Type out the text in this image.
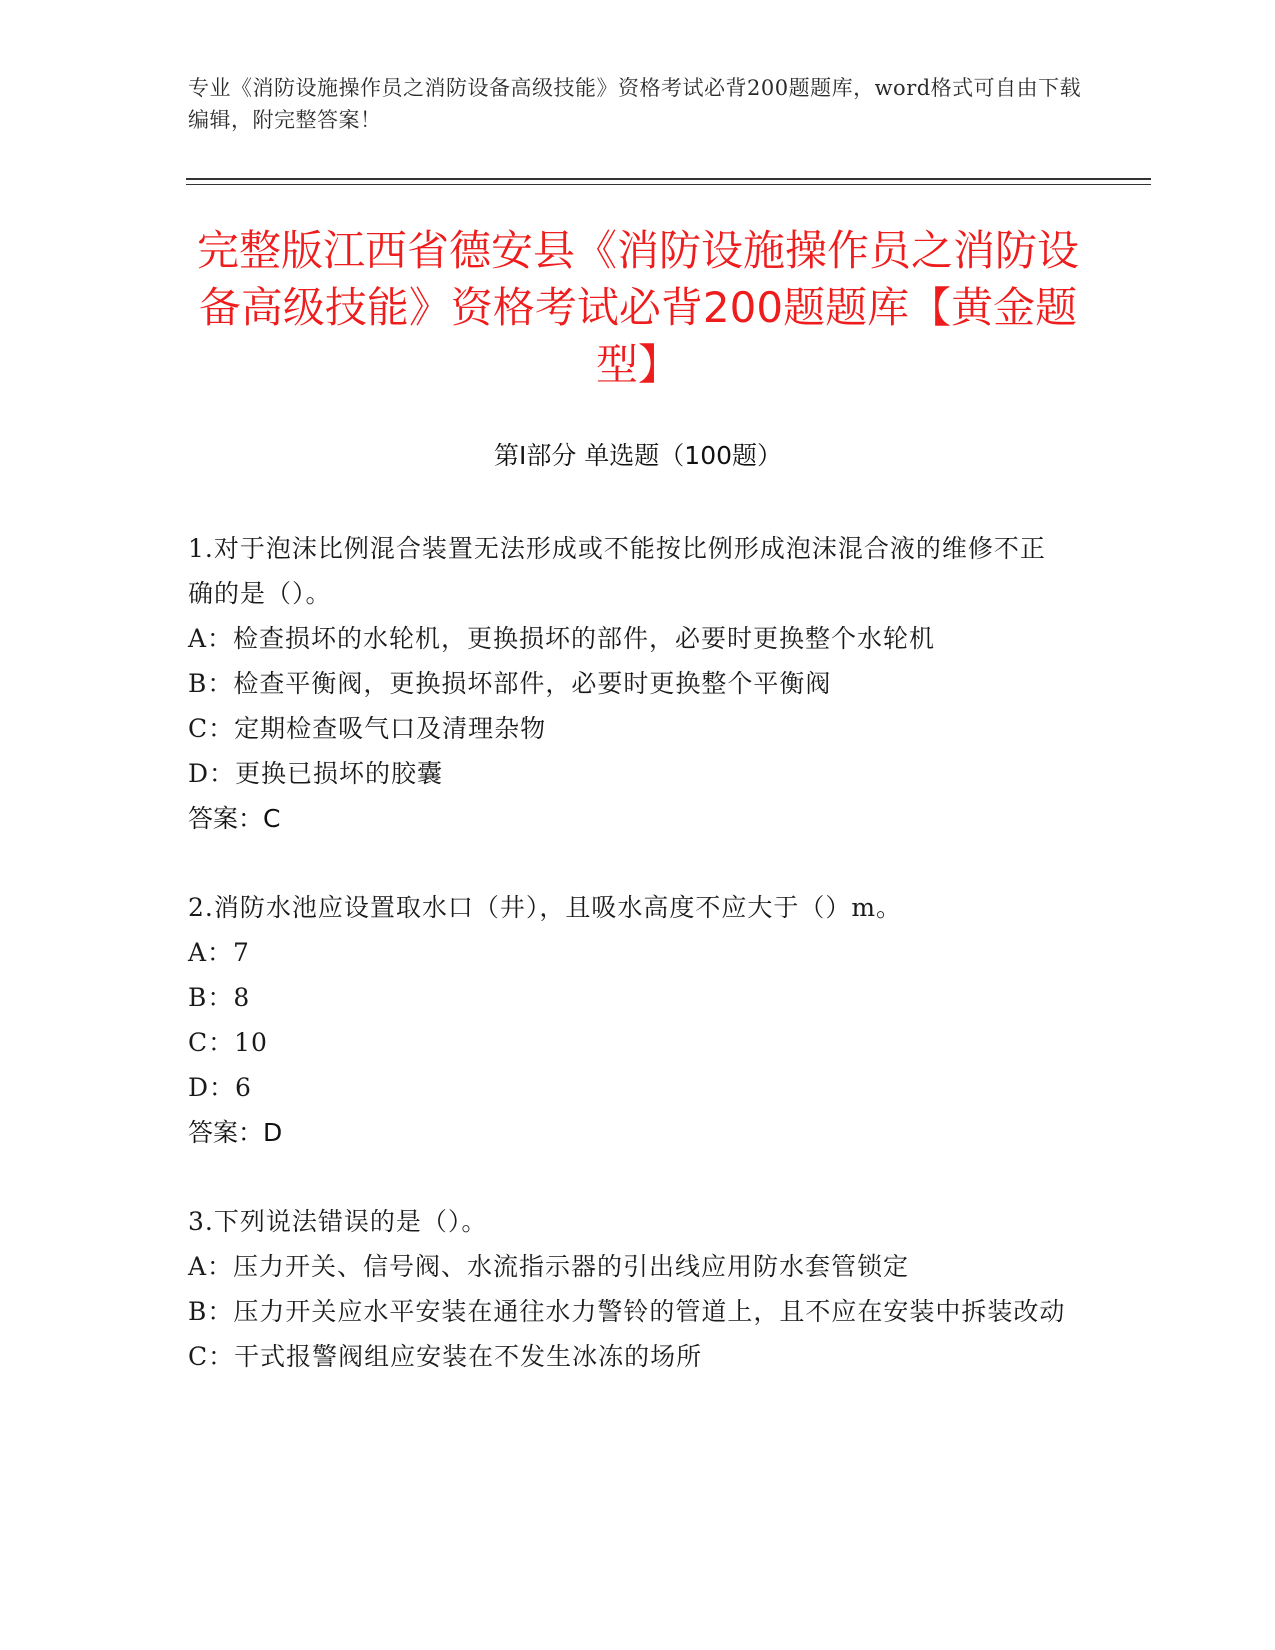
专业《消防设施操作员之消防设备高级技能》资格考试必背200题题库，word格式可自由下载编辑，附完整答案！
完整版江西省德安县《消防设施操作员之消防设备高级技能》资格考试必背200题题库【黄金题型】
第Ⅰ部分 单选题（100题）
1.对于泡沫比例混合装置无法形成或不能按比例形成泡沫混合液的维修不正确的是（）。
A：检查损坏的水轮机，更换损坏的部件，必要时更换整个水轮机
B：检查平衡阀，更换损坏部件，必要时更换整个平衡阀
C：定期检查吸气口及清理杂物
D：更换已损坏的胶囊
答案：C
2.消防水池应设置取水口（井），且吸水高度不应大于（）m。
A：7
B：8
C：10
D：6
答案：D
3.下列说法错误的是（）。
A：压力开关、信号阀、水流指示器的引出线应用防水套管锁定
B：压力开关应水平安装在通往水力警铃的管道上，且不应在安装中拆装改动
C：干式报警阀组应安装在不发生冰冻的场所
